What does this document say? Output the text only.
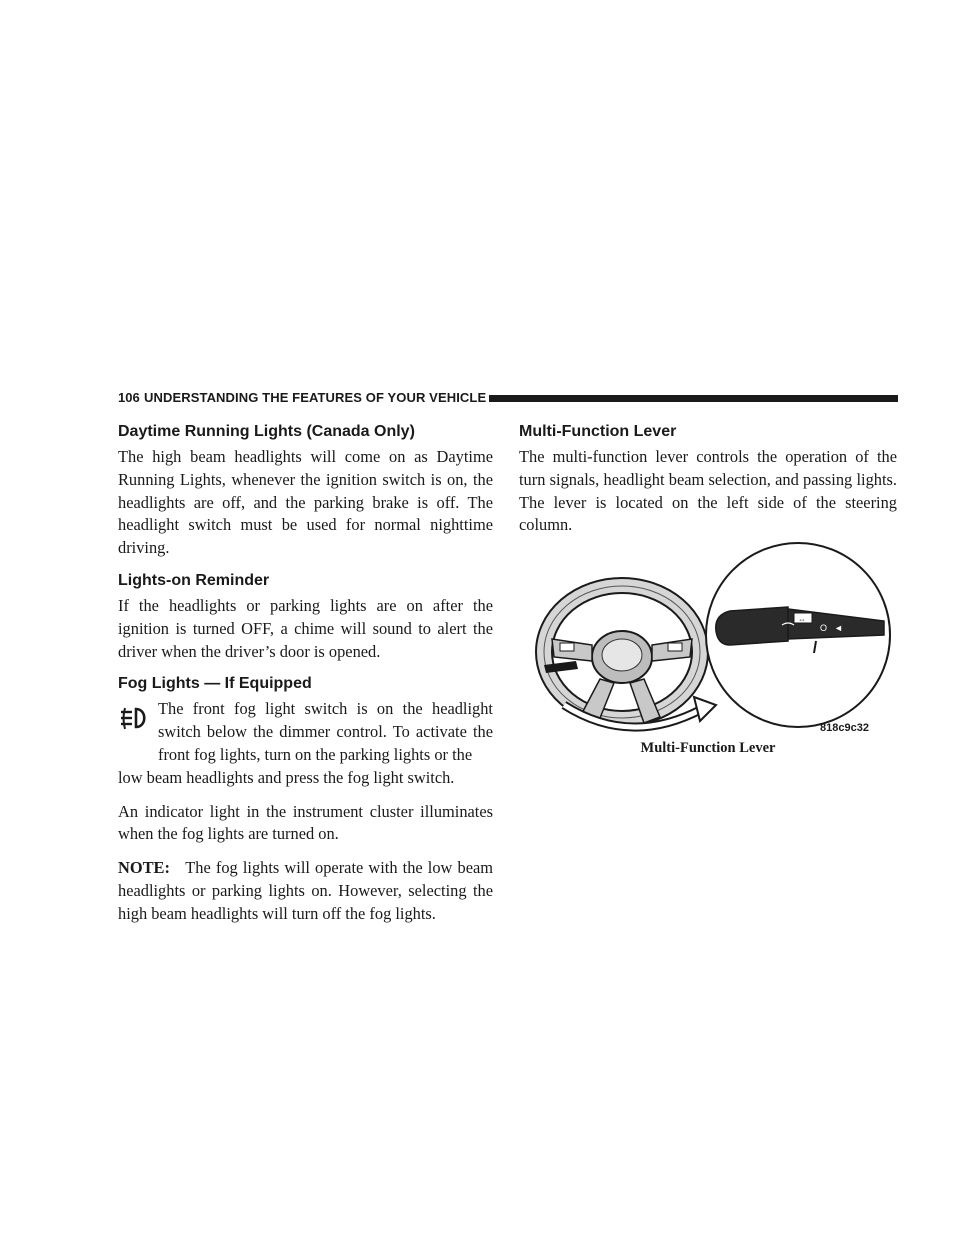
106 UNDERSTANDING THE FEATURES OF YOUR VEHICLE
Daytime Running Lights (Canada Only)

The high beam headlights will come on as Daytime Running Lights, whenever the ignition switch is on, the headlights are off, and the parking brake is off. The headlight switch must be used for normal nighttime driving.

Lights-on Reminder

If the headlights or parking lights are on after the ignition is turned OFF, a chime will sound to alert the driver when the driver’s door is opened.

Fog Lights — If Equipped

The front fog light switch is on the headlight switch below the dimmer control. To activate the front fog lights, turn on the parking lights or the

low beam headlights and press the fog light switch.

An indicator light in the instrument cluster illuminates when the fog lights are turned on.

NOTE: The fog lights will operate with the low beam headlights or parking lights on. However, selecting the high beam headlights will turn off the fog lights.

Multi-Function Lever

The multi-function lever controls the operation of the turn signals, headlight beam selection, and passing lights. The lever is located on the left side of the steering column.

⇔
O ◄
818c9c32
Multi-Function Lever
